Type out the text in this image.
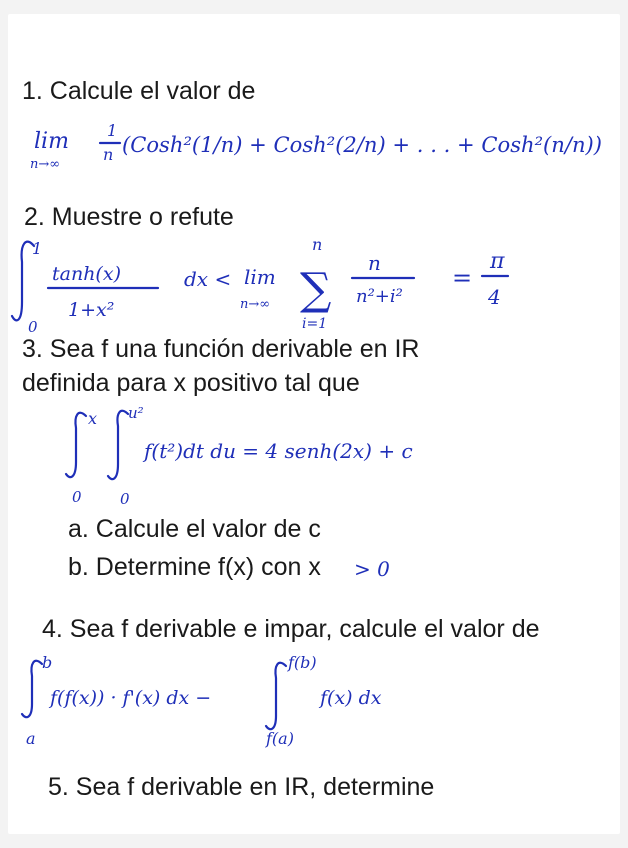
1. Calcule el valor de
lim
n→∞
1
n (Cosh²(1/n) + Cosh²(2/n) + . . . + Cosh²(n/n))
2. Muestre o refute
1
0
tanh(x)
1+x²
dx < lim
n→∞ ∑
n
i=1
n
n²+i²
=
π
4
3. Sea f una función derivable en IR
definida para x positivo tal que
x
0
u²
0
f(t²)dt du = 4 senh(2x) + c
a. Calcule el valor de c
b. Determine f(x) con x > 0
4. Sea f derivable e impar, calcule el valor de
b
a
f(f(x)) · f'(x) dx −
f(b)
f(a)
f(x) dx
5. Sea f derivable en IR, determine
